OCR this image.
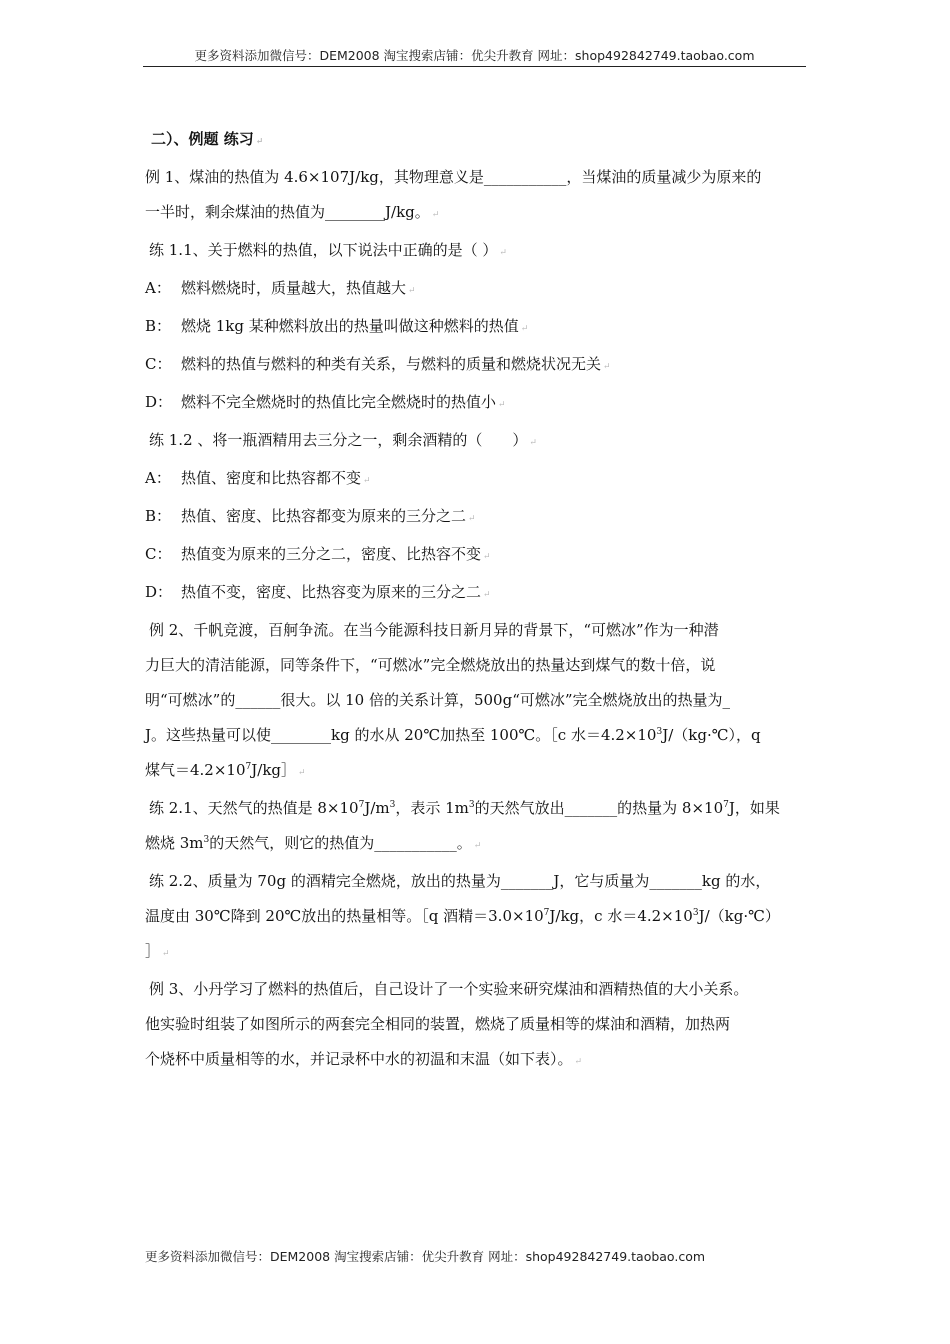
更多资料添加微信号：DEM2008 淘宝搜索店铺：优尖升教育 网址：shop492842749.taobao.com
二）、例题 练习 ↵
例 1、煤油的热值为 4.6×107J/kg，其物理意义是___________，当煤油的质量减少为原来的
一半时，剩余煤油的热值为________J/kg。 ↵
练 1.1、关于燃料的热值，以下说法中正确的是（ ） ↵
A： 燃料燃烧时，质量越大，热值越大 ↵
B： 燃烧 1kg 某种燃料放出的热量叫做这种燃料的热值 ↵
C： 燃料的热值与燃料的种类有关系，与燃料的质量和燃烧状况无关 ↵
D： 燃料不完全燃烧时的热值比完全燃烧时的热值小 ↵
练 1.2 、将一瓶酒精用去三分之一，剩余酒精的（　　） ↵
A： 热值、密度和比热容都不变 ↵
B： 热值、密度、比热容都变为原来的三分之二 ↵
C： 热值变为原来的三分之二，密度、比热容不变 ↵
D： 热值不变，密度、比热容变为原来的三分之二 ↵
例 2、千帆竞渡，百舸争流。在当今能源科技日新月异的背景下，“可燃冰”作为一种潜
力巨大的清洁能源，同等条件下，“可燃冰”完全燃烧放出的热量达到煤气的数十倍，说
明“可燃冰”的______很大。以 10 倍的关系计算，500g“可燃冰”完全燃烧放出的热量为_
J。这些热量可以使________kg 的水从 20℃加热至 100℃。［c 水$=4.2\times 10^3J/(kg\cdot℃)$，q
煤气$=4.2\times 10^7J/kg]$ ↵
练 2.1、天然气的热值是 $8\times 10^7J/m^3$，表示 $1m^3$的天然气放出_______的热量为 $8\times 10^7J$，如果
燃烧 $3m^3$的天然气，则它的热值为___________。 ↵
练 2.2、质量为 70g 的酒精完全燃烧，放出的热量为_______J，它与质量为_______kg 的水，
温度由 30℃降到 20℃放出的热量相等。［q 酒精$=3.0\times 10^7J/kg$，c 水$=4.2\times 10^3J/(kg\cdot℃)$
］ ↵
例 3、小丹学习了燃料的热值后，自己设计了一个实验来研究煤油和酒精热值的大小关系。
他实验时组装了如图所示的两套完全相同的装置，燃烧了质量相等的煤油和酒精，加热两
个烧杯中质量相等的水，并记录杯中水的初温和末温（如下表）。 ↵
更多资料添加微信号：DEM2008 淘宝搜索店铺：优尖升教育 网址：shop492842749.taobao.com
